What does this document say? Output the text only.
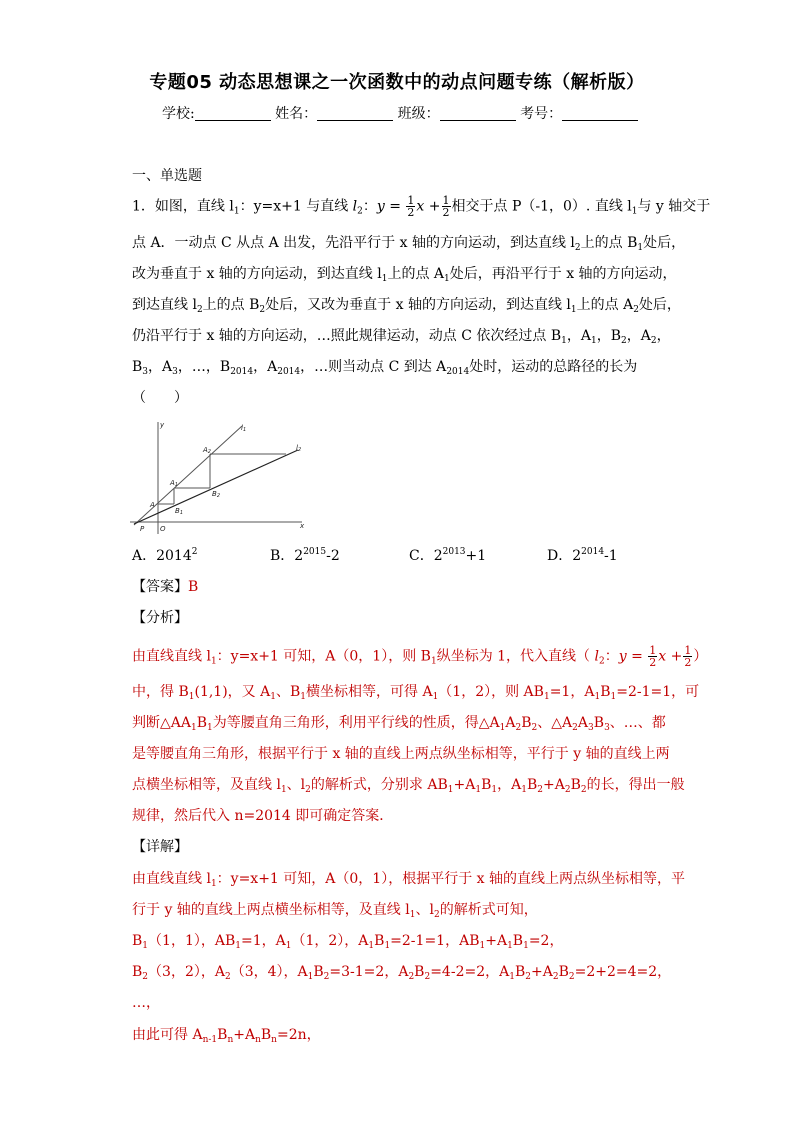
专题05 动态思想课之一次函数中的动点问题专练（解析版）
学校:	姓名：	班级：	考号：
一、单选题
1．如图，直线 $l_1$：y=x+1 与直线 $l_2$：$y = \frac{1}{2}$ $x + \frac{1}{2}$ 相交于点 P（-1，0）. 直线 $l_1$与 y 轴交于
点 A．一动点 C 从点 A 出发，先沿平行于 x 轴的方向运动，到达直线 $l_2$上的点 $B_1$处后，
改为垂直于 x 轴的方向运动，到达直线 $l_1$上的点 $A_1$处后，再沿平行于 x 轴的方向运动，
到达直线 $l_2$上的点 $B_2$处后，又改为垂直于 x 轴的方向运动，到达直线 $l_1$上的点 $A_2$处后，
仍沿平行于 x 轴的方向运动，…照此规律运动，动点 C 依次经过点 $B_1$，$A_1$，$B_2$，$A_2$，
$B_3$，$A_3$，…，$B_{2014}$，$A_{2014}$，…则当动点 C 到达 $A_{2014}$处时，运动的总路径的长为
（　　）
y
x
O
P
A
l1
l2
A1
A2
B1
B2
A．2014$^2$	B．$2^{2015}-2$	C．$2^{2013}+1$	D．$2^{2014}-1$
【答案】B
【分析】
由直线直线 $l_1$：y=x+1 可知，A（0，1），则 $B_1$纵坐标为 1，代入直线（ $l_2$：$y = \frac{1}{2}$ $x + \frac{1}{2}$ ）
中，得 $B_1(1,1)$，又 $A_1$、$B_1$横坐标相等，可得 $A_1(1$，2），则 $AB_1=1$，$A_1B_1=2-1=1$，可
判断$\triangle AA_1B_1$为等腰直角三角形，利用平行线的性质，得$\triangle A_1A_2B_2$、$\triangle A_2A_3B_3$、…、都
是等腰直角三角形，根据平行于 x 轴的直线上两点纵坐标相等，平行于 y 轴的直线上两
点横坐标相等，及直线 $l_1$、$l_2$的解析式，分别求 $AB_1+A_1B_1$，$A_1B_2+A_2B_2$的长，得出一般
规律，然后代入 n=2014 即可确定答案．
【详解】
由直线直线 $l_1$：y=x+1 可知，A（0，1），根据平行于 x 轴的直线上两点纵坐标相等，平
行于 y 轴的直线上两点横坐标相等，及直线 $l_1$、$l_2$的解析式可知，
$B_1(1$，1），$AB_1=1$，$A_1(1$，2），$A_1B_1=2-1=1$，$AB_1+A_1B_1=2$，
$B_2(3$，2），$A_2(3$，4），$A_1B_2=3-1=2$，$A_2B_2=4-2=2$，$A_1B_2+A_2B_2=2+2=4=2$，
…，
由此可得 $A_{n-1}B_n+A_nB_n=2n$，
